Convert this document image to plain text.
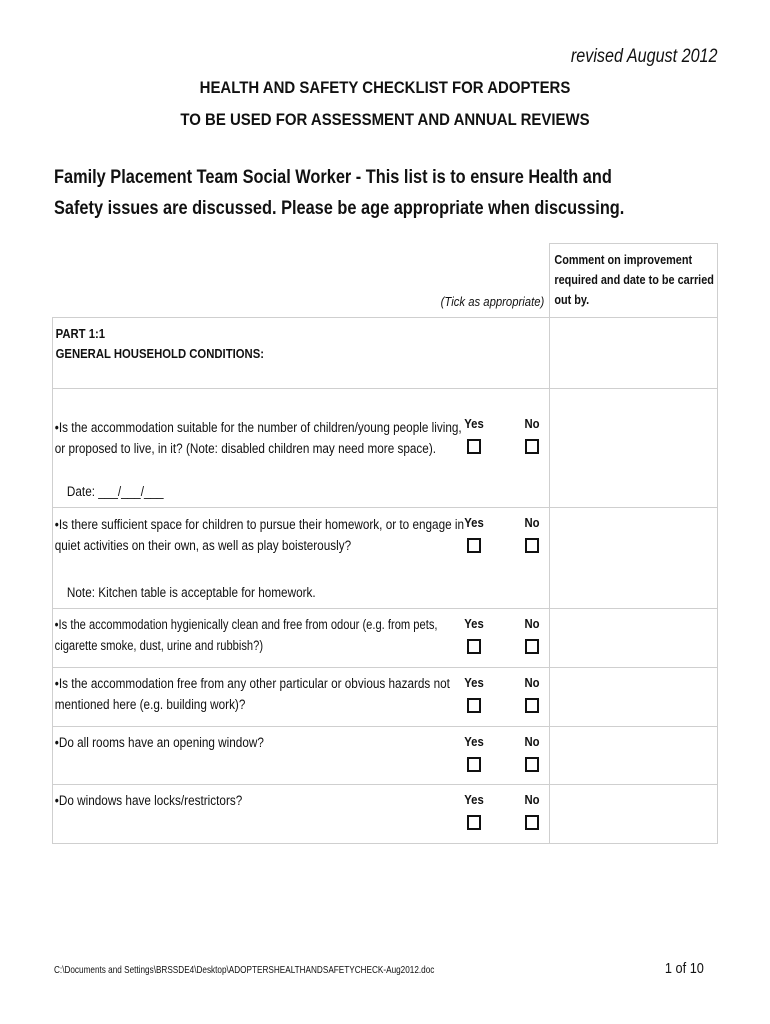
revised August 2012
HEALTH AND SAFETY CHECKLIST FOR ADOPTERS
TO BE USED FOR ASSESSMENT AND ANNUAL REVIEWS
Family Placement Team Social Worker - This list is to ensure Health and Safety issues are discussed. Please be age appropriate when discussing.
(Tick as appropriate)	Comment on improvement
required and date to be carried
out by.

PART 1:1
GENERAL HOUSEHOLD CONDITIONS:	

•Is the accommodation suitable for the number of children/young people living,
or proposed to live, in it? (Note: disabled children may need more space).
Date: ___/___/___
Yes No	

•Is there sufficient space for children to pursue their homework, or to engage in
quiet activities on their own, as well as play boisterously?
Note: Kitchen table is acceptable for homework.
Yes No	

•Is the accommodation hygienically clean and free from odour (e.g. from pets,
cigarette smoke, dust, urine and rubbish?)
Yes No	

•Is the accommodation free from any other particular or obvious hazards not
mentioned here (e.g. building work)?
Yes No	

•Do all rooms have an opening window? Yes No	

•Do windows have locks/restrictors? Yes No	

C:\Documents and Settings\BRSSDE4\Desktop\ADOPTERSHEALTHANDSAFETYCHECK-Aug2012.doc	1 of 10
